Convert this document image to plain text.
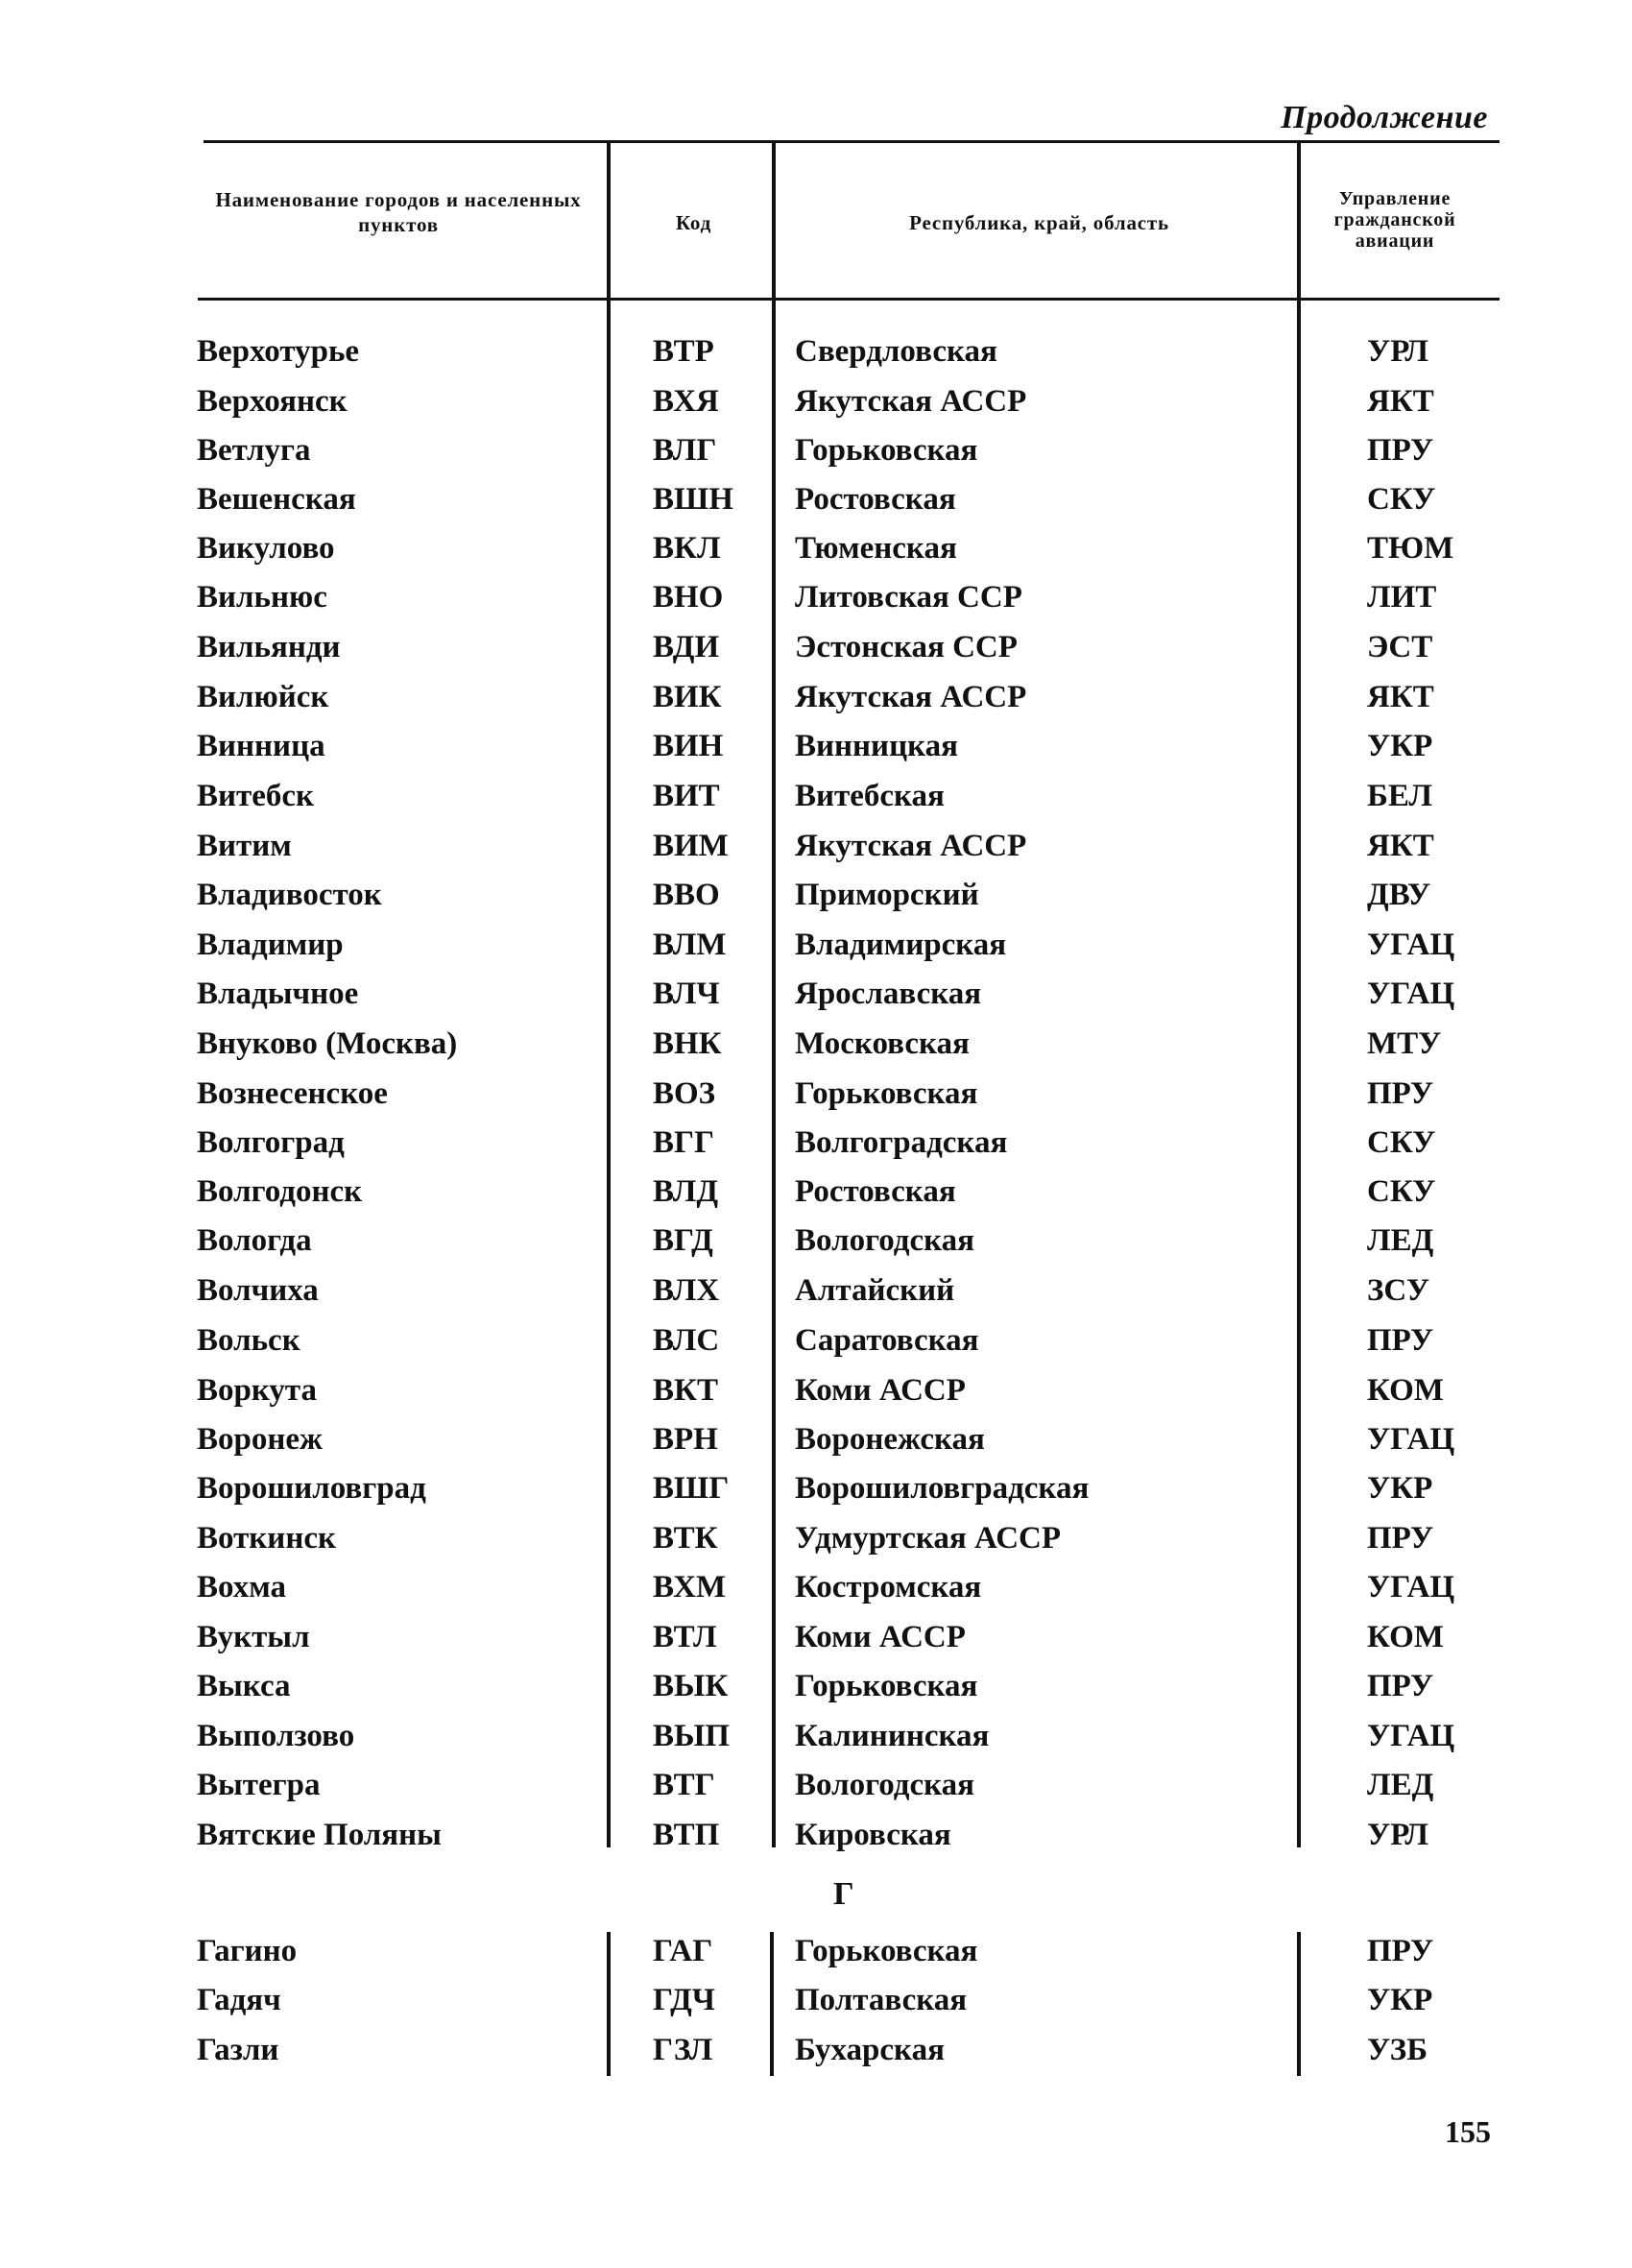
Продолжение
Наименование городов и населенных пунктов	Код	Республика, край, область
Управление гражданской авиации
Верхотурье	ВТР	Свердловская	УРЛ
Верхоянск	ВХЯ Якутская АССР	ЯКТ
Ветлуга	ВЛГ Горьковская	ПРУ
Вешенская	ВШН Ростовская	СКУ
Викулово	ВКЛ Тюменская	ТЮМ
Вильнюс	ВНО Литовская ССР	ЛИТ
Вильянди	ВДИ Эстонская ССР	ЭСТ
Вилюйск	ВИК Якутская АССР	ЯКТ
Винница	ВИН Винницкая	УКР
Витебск	ВИТ Витебская	БЕЛ
Витим	ВИМ Якутская АССР	ЯКТ
Владивосток	ВВО Приморский	ДВУ
Владимир	ВЛМ Владимирская	УГАЦ
Владычное	ВЛЧ Ярославская	УГАЦ
Внуково (Москва)	ВНК Московская	МТУ
Вознесенское	ВОЗ	Горьковская	ПРУ
Волгоград	ВГГ	Волгоградская	СКУ
Волгодонск	ВЛД Ростовская	СКУ
Вологда	ВГД	Вологодская	ЛЕД
Волчиха	ВЛХ Алтайский	ЗСУ
Вольск	ВЛС Саратовская	ПРУ
Воркута	ВКТ Коми АССР	КОМ
Воронеж	ВРН Воронежская	УГАЦ
Ворошиловград	ВШГ Ворошиловградская	УКР
Воткинск	ВТК Удмуртская АССР	ПРУ
Вохма	ВХМ Костромская	УГАЦ
Вуктыл	ВТЛ Коми АССР	КОМ
Выкса	ВЫК Горьковская	ПРУ
Выползово	ВЫП Калининская	УГАЦ
Вытегра	ВТГ	Вологодская	ЛЕД
Вятские Поляны	ВТП Кировская	УРЛ
Г
Гагино	ГАГ	Горьковская	ПРУ
Гадяч	ГДЧ	Полтавская	УКР
Газли	ГЗЛ	Бухарская	УЗБ
155
